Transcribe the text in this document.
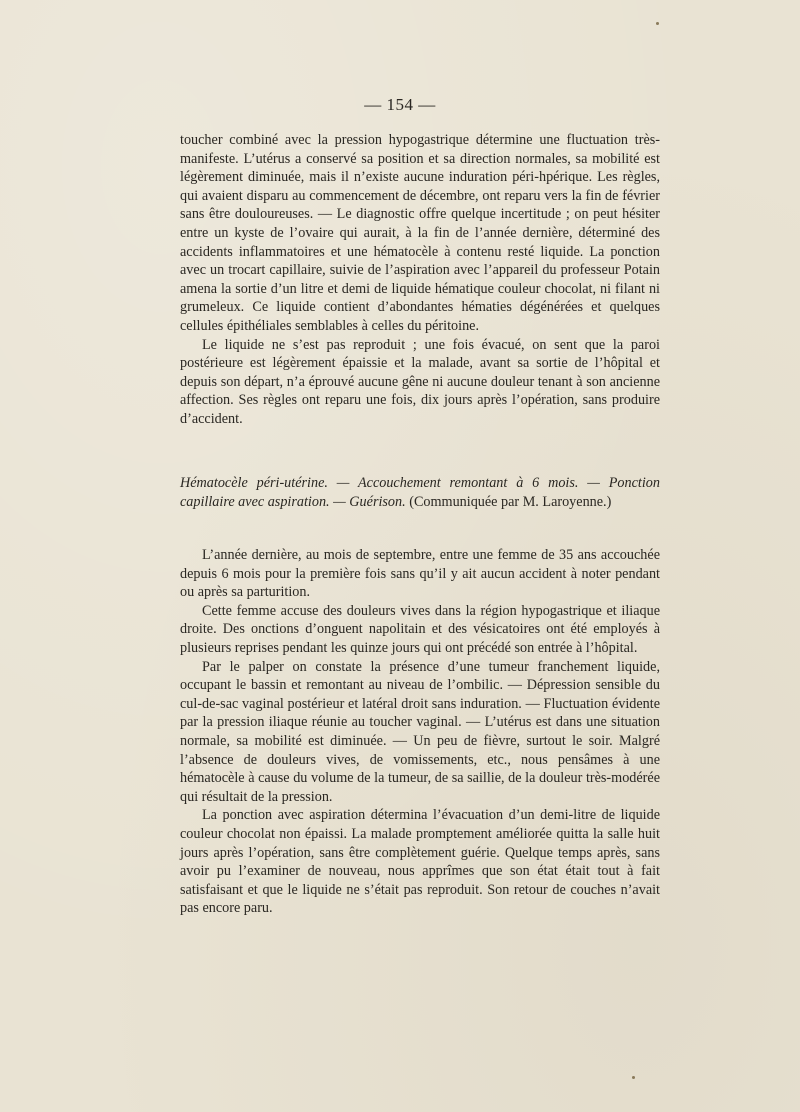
— 154 —

toucher combiné avec la pression hypogastrique détermine une fluctuation très-manifeste. L’utérus a conservé sa position et sa direction normales, sa mobilité est légèrement diminuée, mais il n’existe aucune induration péri-hpérique. Les règles, qui avaient disparu au commencement de décembre, ont reparu vers la fin de février sans être douloureuses. — Le diagnostic offre quelque incertitude ; on peut hésiter entre un kyste de l’ovaire qui aurait, à la fin de l’année dernière, déterminé des accidents inflammatoires et une hématocèle à contenu resté liquide. La ponction avec un trocart capillaire, suivie de l’aspiration avec l’appareil du professeur Potain amena la sortie d’un litre et demi de liquide hématique couleur chocolat, ni filant ni grumeleux. Ce liquide contient d’abondantes hématies dégénérées et quelques cellules épithéliales semblables à celles du péritoine.

Le liquide ne s’est pas reproduit ; une fois évacué, on sent que la paroi postérieure est légèrement épaissie et la malade, avant sa sortie de l’hôpital et depuis son départ, n’a éprouvé aucune gêne ni aucune douleur tenant à son ancienne affection. Ses règles ont reparu une fois, dix jours après l’opération, sans produire d’accident.

Hématocèle péri-utérine. — Accouchement remontant à 6 mois. — Ponction capillaire avec aspiration. — Guérison. (Communiquée par M. Laroyenne.)

L’année dernière, au mois de septembre, entre une femme de 35 ans accouchée depuis 6 mois pour la première fois sans qu’il y ait aucun accident à noter pendant ou après sa parturition.

Cette femme accuse des douleurs vives dans la région hypogastrique et iliaque droite. Des onctions d’onguent napolitain et des vésicatoires ont été employés à plusieurs reprises pendant les quinze jours qui ont précédé son entrée à l’hôpital.

Par le palper on constate la présence d’une tumeur franchement liquide, occupant le bassin et remontant au niveau de l’ombilic. — Dépression sensible du cul-de-sac vaginal postérieur et latéral droit sans induration. — Fluctuation évidente par la pression iliaque réunie au toucher vaginal. — L’utérus est dans une situation normale, sa mobilité est diminuée. — Un peu de fièvre, surtout le soir. Malgré l’absence de douleurs vives, de vomissements, etc., nous pensâmes à une hématocèle à cause du volume de la tumeur, de sa saillie, de la douleur très-modérée qui résultait de la pression.

La ponction avec aspiration détermina l’évacuation d’un demi-litre de liquide couleur chocolat non épaissi. La malade promptement améliorée quitta la salle huit jours après l’opération, sans être complètement guérie. Quelque temps après, sans avoir pu l’examiner de nouveau, nous apprîmes que son état était tout à fait satisfaisant et que le liquide ne s’était pas reproduit. Son retour de couches n’avait pas encore paru.
